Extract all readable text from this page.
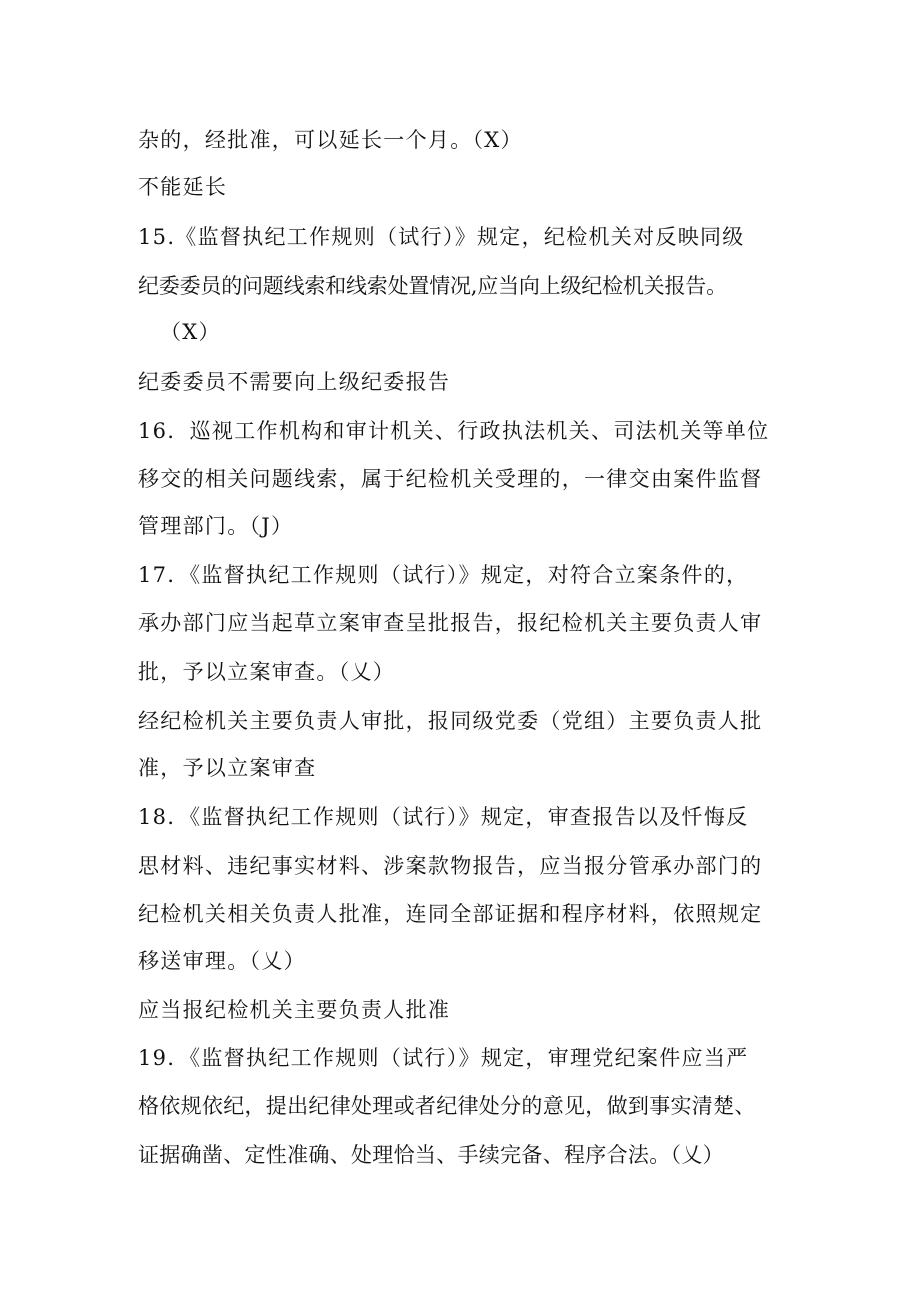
杂的，经批准，可以延长一个月。（X）
不能延长
15.《监督执纪工作规则（试行）》规定，纪检机关对反映同级
纪委委员的问题线索和线索处置情况,应当向上级纪检机关报告。
（X）
纪委委员不需要向上级纪委报告
16．巡视工作机构和审计机关、行政执法机关、司法机关等单位
移交的相关问题线索，属于纪检机关受理的，一律交由案件监督
管理部门。（J）
17．《监督执纪工作规则（试行）》规定，对符合立案条件的，
承办部门应当起草立案审查呈批报告，报纪检机关主要负责人审
批，予以立案审查。（乂）
经纪检机关主要负责人审批，报同级党委（党组）主要负责人批
准，予以立案审查
18．《监督执纪工作规则（试行）》规定，审查报告以及忏悔反
思材料、违纪事实材料、涉案款物报告，应当报分管承办部门的
纪检机关相关负责人批准，连同全部证据和程序材料，依照规定
移送审理。（乂）
应当报纪检机关主要负责人批准
19．《监督执纪工作规则（试行）》规定，审理党纪案件应当严
格依规依纪，提出纪律处理或者纪律处分的意见，做到事实清楚、
证据确凿、定性准确、处理恰当、手续完备、程序合法。（乂）
